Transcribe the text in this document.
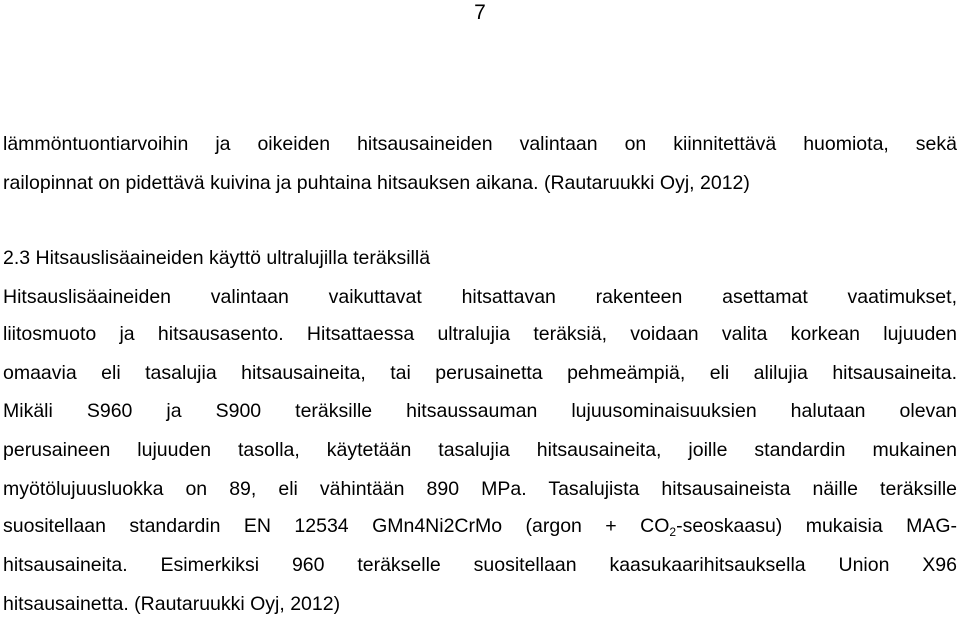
7
lämmöntuontiarvoihin ja oikeiden hitsausaineiden valintaan on kiinnitettävä huomiota, sekä
railopinnat on pidettävä kuivina ja puhtaina hitsauksen aikana. (Rautaruukki Oyj, 2012)
2.3 Hitsauslisäaineiden käyttö ultralujilla teräksillä
Hitsauslisäaineiden valintaan vaikuttavat hitsattavan rakenteen asettamat vaatimukset,
liitosmuoto ja hitsausasento. Hitsattaessa ultralujia teräksiä, voidaan valita korkean lujuuden
omaavia eli tasalujia hitsausaineita, tai perusainetta pehmeämpiä, eli alilujia hitsausaineita.
Mikäli S960 ja S900 teräksille hitsaussauman lujuusominaisuuksien halutaan olevan
perusaineen lujuuden tasolla, käytetään tasalujia hitsausaineita, joille standardin mukainen
myötölujuusluokka on 89, eli vähintään 890 MPa. Tasalujista hitsausaineista näille teräksille
suositellaan standardin EN 12534 GMn4Ni2CrMo (argon + $CO_2-seoskaasu$) mukaisia MAG-
hitsausaineita. Esimerkiksi 960 teräkselle suositellaan kaasukaarihitsauksella Union X96
hitsausainetta. (Rautaruukki Oyj, 2012)
